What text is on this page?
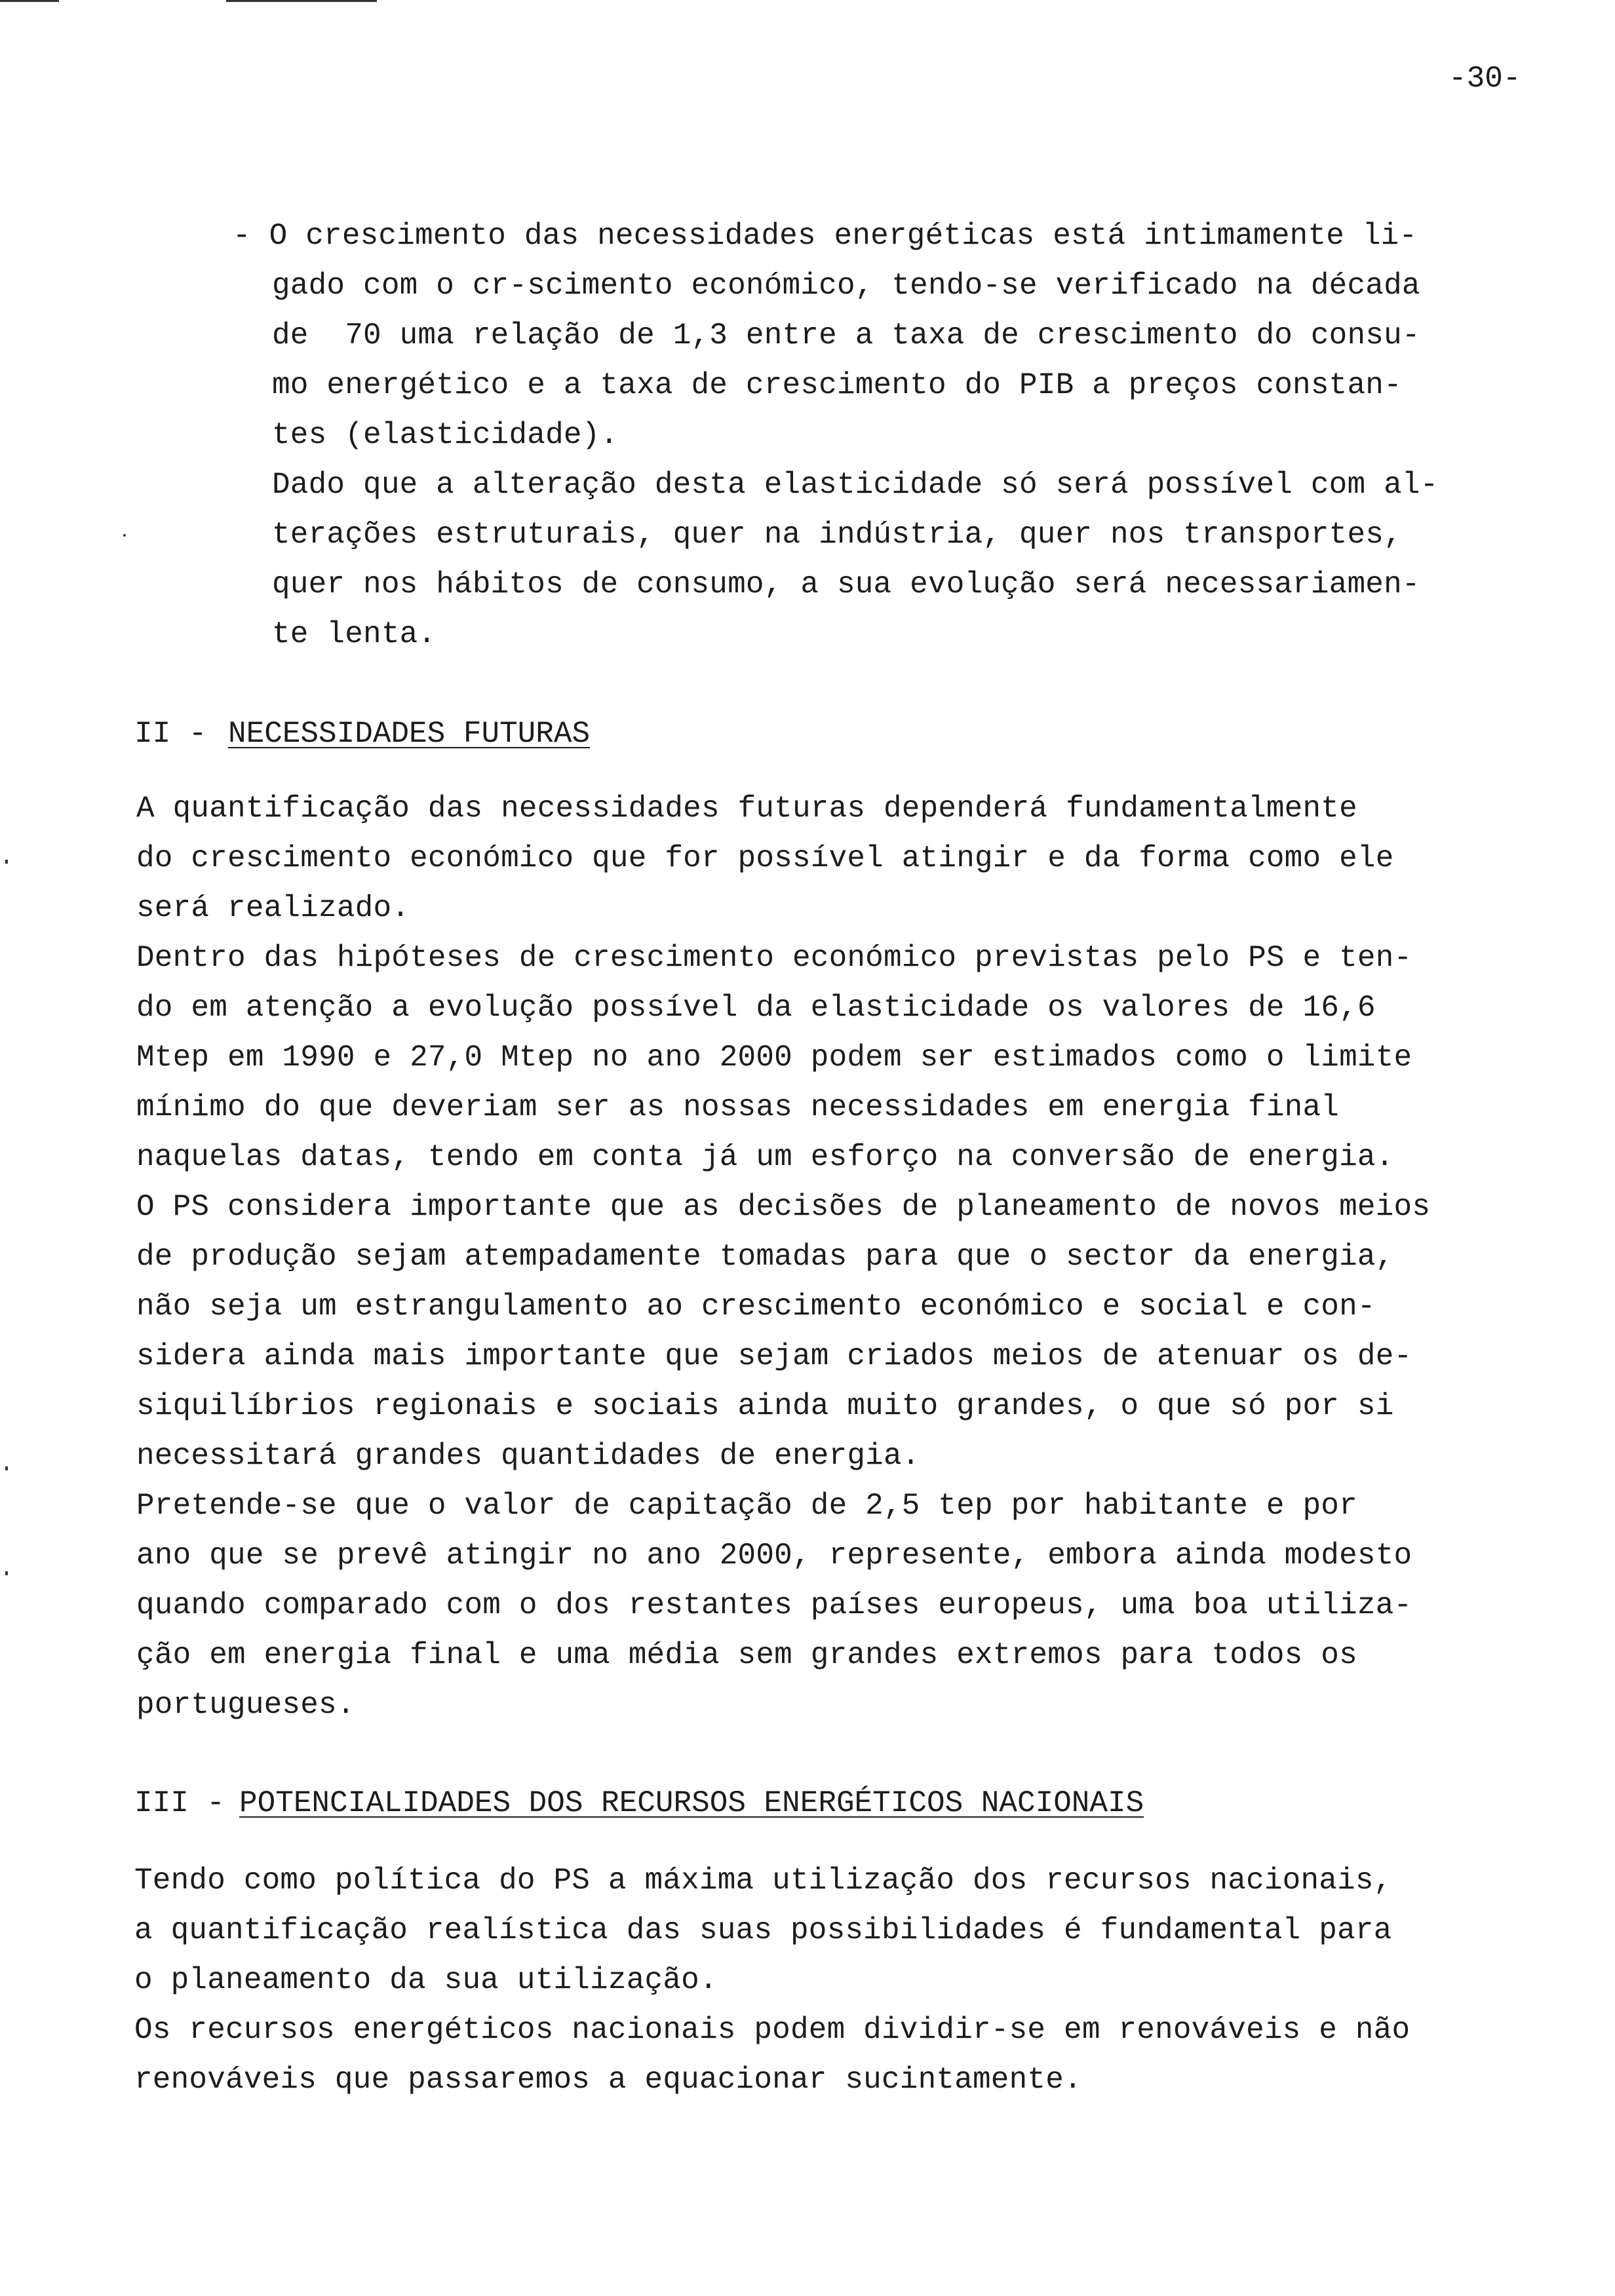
-30-
- O crescimento das necessidades energéticas está intimamente li-
gado com o cr-scimento económico, tendo-se verificado na década
de  70 uma relação de 1,3 entre a taxa de crescimento do consu-
mo energético e a taxa de crescimento do PIB a preços constan-
tes (elasticidade).
Dado que a alteração desta elasticidade só será possível com al-
terações estruturais, quer na indústria, quer nos transportes,
quer nos hábitos de consumo, a sua evolução será necessariamen-
te lenta.
II - NECESSIDADES FUTURAS
A quantificação das necessidades futuras dependerá fundamentalmente
do crescimento económico que for possível atingir e da forma como ele
será realizado.
Dentro das hipóteses de crescimento económico previstas pelo PS e ten-
do em atenção a evolução possível da elasticidade os valores de 16,6
Mtep em 1990 e 27,0 Mtep no ano 2000 podem ser estimados como o limite
mínimo do que deveriam ser as nossas necessidades em energia final
naquelas datas, tendo em conta já um esforço na conversão de energia.
O PS considera importante que as decisões de planeamento de novos meios
de produção sejam atempadamente tomadas para que o sector da energia,
não seja um estrangulamento ao crescimento económico e social e con-
sidera ainda mais importante que sejam criados meios de atenuar os de-
siquilíbrios regionais e sociais ainda muito grandes, o que só por si
necessitará grandes quantidades de energia.
Pretende-se que o valor de capitação de 2,5 tep por habitante e por
ano que se prevê atingir no ano 2000, represente, embora ainda modesto
quando comparado com o dos restantes países europeus, uma boa utiliza-
ção em energia final e uma média sem grandes extremos para todos os
portugueses.
III -
POTENCIALIDADES DOS RECURSOS ENERGÉTICOS NACIONAIS
Tendo como política do PS a máxima utilização dos recursos nacionais,
a quantificação realística das suas possibilidades é fundamental para
o planeamento da sua utilização.
Os recursos energéticos nacionais podem dividir-se em renováveis e não
renováveis que passaremos a equacionar sucintamente.
